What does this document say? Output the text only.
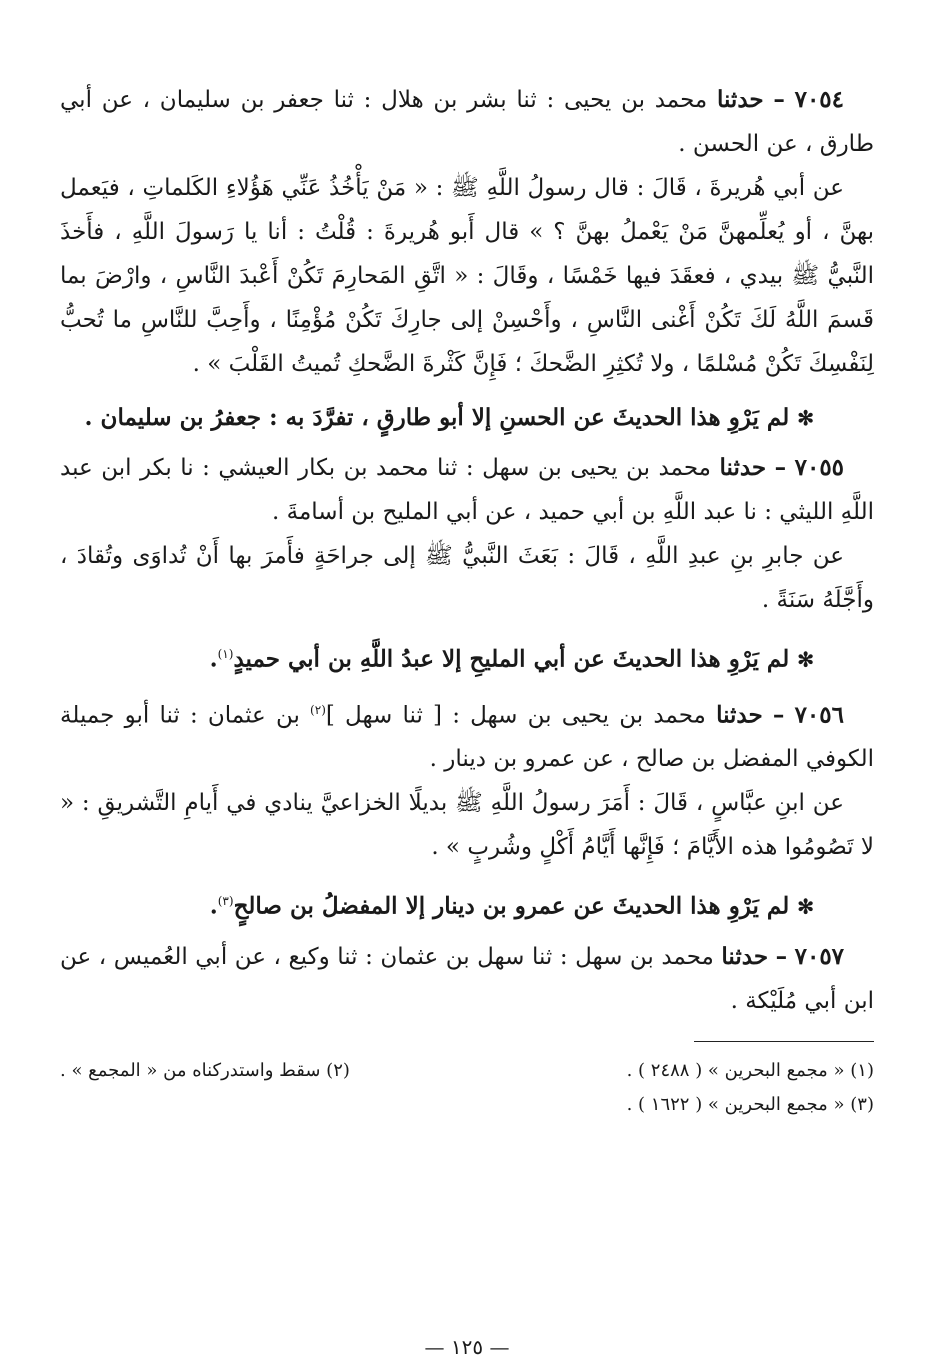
٧٠٥٤ – حدثنا محمد بن يحيى : ثنا بشر بن هلال : ثنا جعفر بن سليمان ، عن أبي طارق ، عن الحسن .

عن أبي هُريرةَ ، قَالَ : قال رسولُ اللَّهِ ﷺ : « مَنْ يَأْخُذُ عَنِّي هَؤُلاءِ الكَلماتِ ، فيَعمل بهنَّ ، أو يُعلِّمهنَّ مَنْ يَعْملُ بهنَّ ؟ » قال أَبو هُريرةَ : قُلْتُ : أنا يا رَسولَ اللَّهِ ، فأَخذَ النَّبيُّ ﷺ بيدي ، فعقَدَ فيها خَمْسًا ، وقَالَ : « اتَّقِ المَحارِمَ تَكُنْ أَعْبدَ النَّاسِ ، وارْضَ بما قَسمَ اللَّهُ لَكَ تَكُنْ أَغْنى النَّاسِ ، وأَحْسِنْ إلى جارِكَ تَكُنْ مُؤْمِنًا ، وأَحِبَّ للنَّاسِ ما تُحبُّ لِنَفْسِكَ تَكُنْ مُسْلمًا ، ولا تُكثِرِ الضَّحكَ ؛ فَإِنَّ كَثْرةَ الضَّحكِ تُميتُ القَلْبَ » .

✻ لم يَرْوِ هذا الحديثَ عن الحسنِ إلا أبو طارقٍ ، تفرَّدَ به : جعفرُ بن سليمان .

٧٠٥٥ – حدثنا محمد بن يحيى بن سهل : ثنا محمد بن بكار العيشي : نا بكر ابن عبد اللَّهِ الليثي : نا عبد اللَّهِ بن أبي حميد ، عن أبي المليح بن أسامةَ .

عن جابرِ بنِ عبدِ اللَّهِ ، قَالَ : بَعَثَ النَّبيُّ ﷺ إلى جراحَةٍ فأَمرَ بها أَنْ تُداوَى وتُقادَ ، وأَجَّلَهُ سَنَةً .

✻ لم يَرْوِ هذا الحديثَ عن أبي المليحِ إلا عبدُ اللَّهِ بن أبي حميدٍ$^{(١)}$.

٧٠٥٦ – حدثنا محمد بن يحيى بن سهل : [ ثنا سهل ]$^{(٢)}$ بن عثمان : ثنا أبو جميلة الكوفي المفضل بن صالح ، عن عمرو بن دينار .

عن ابنِ عبَّاسٍ ، قَالَ : أَمَرَ رسولُ اللَّهِ ﷺ بديلًا الخزاعيَّ ينادي في أَيامِ التَّشريقِ : « لا تَصُومُوا هذه الأَيَّامَ ؛ فَإِنَّها أَيَّامُ أَكْلٍ وشُربٍ » .

✻ لم يَرْوِ هذا الحديثَ عن عمرو بن دينار إلا المفضلُ بن صالحٍ$^{(٣)}$.

٧٠٥٧ – حدثنا محمد بن سهل : ثنا سهل بن عثمان : ثنا وكيع ، عن أبي العُميس ، عن ابن أبي مُلَيْكة .

(١) « مجمع البحرين » ( ٢٤٨٨ ) .
(٢) سقط واستدركناه من « المجمع » .
(٣) « مجمع البحرين » ( ١٦٢٢ ) .
— ١٢٥ —
